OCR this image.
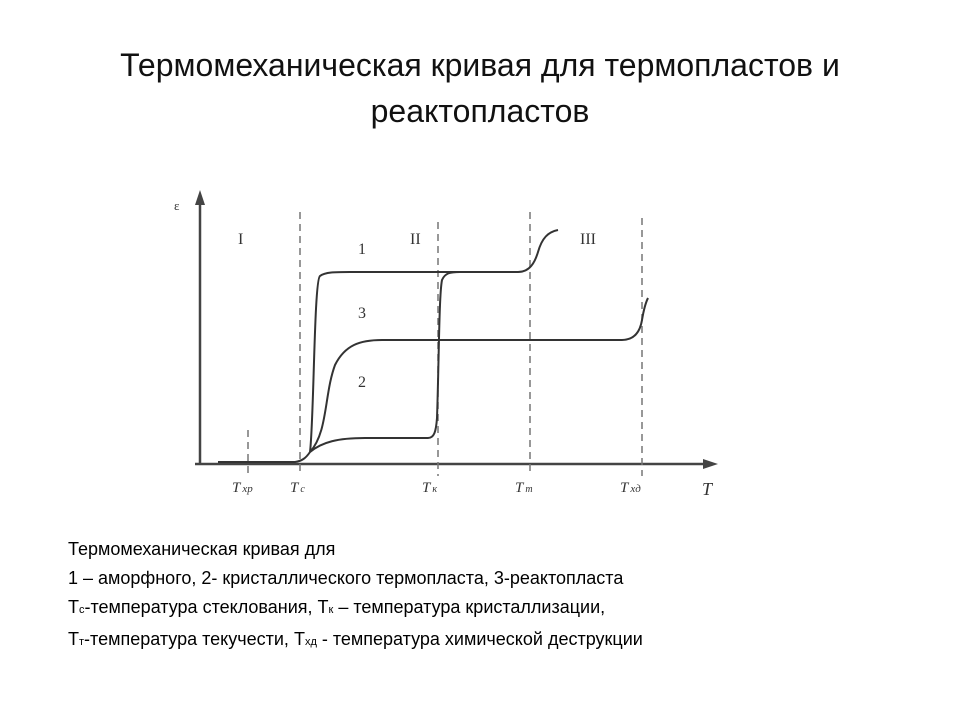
Термомеханическая кривая для термопластов и
реактопластов
ε
T
I	II	III
1
3
2
T хр Tс	Tк	Tт	T хд
Термомеханическая кривая для
1 – аморфного, 2- кристаллического термопласта, 3-реактопласта
Тс-температура стеклования, Тк – температура кристаллизации,
Тт-температура текучести, Тхд - температура химической деструкции
